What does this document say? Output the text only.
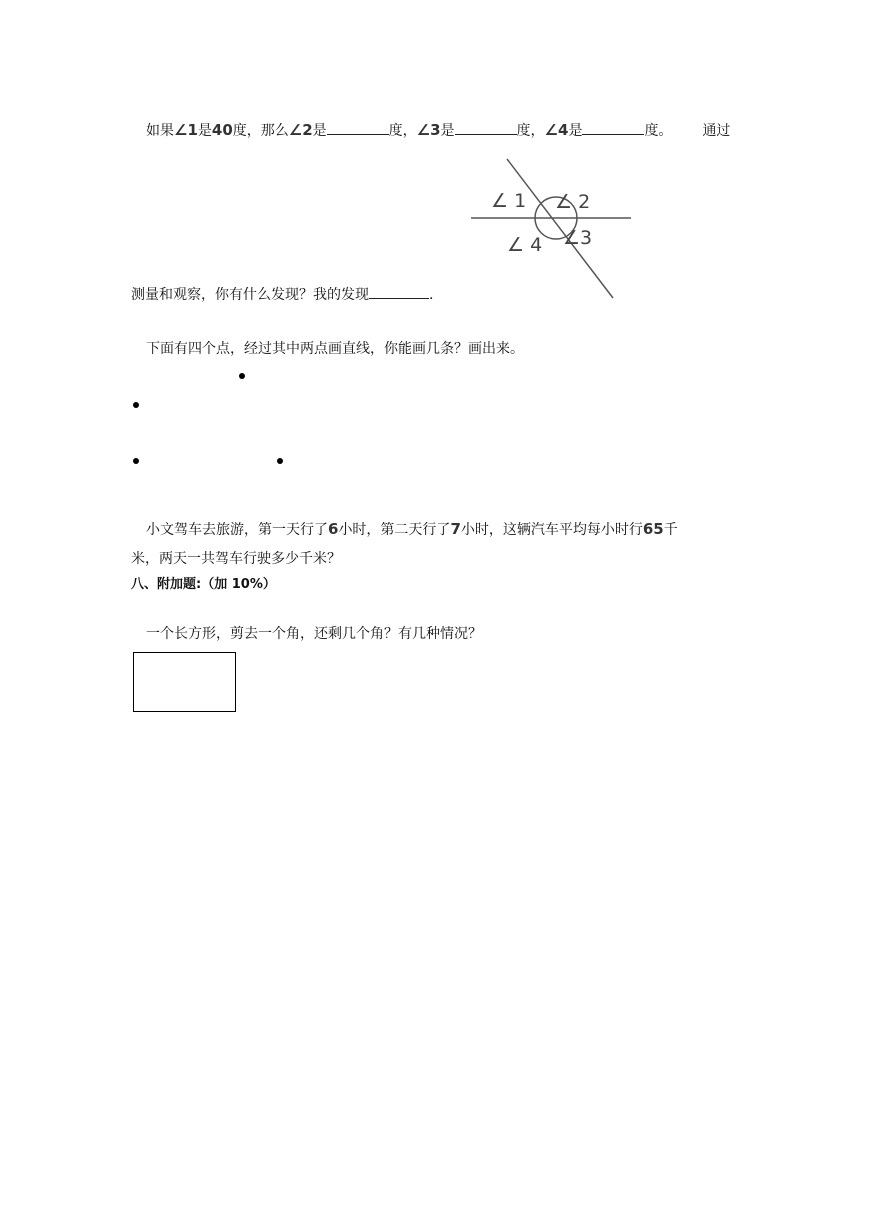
如果∠1是40度，那么∠2是	度，∠3是	度，∠4是	度。 通过
∠ 1 ∠ 2
∠3
∠ 4
测量和观察，你有什么发现？我的发现	.
下面有四个点，经过其中两点画直线，你能画几条？画出来。
小文驾车去旅游，第一天行了6小时，第二天行了7小时，这辆汽车平均每小时行65千
米，两天一共驾车行驶多少千米？
八、附加题:（加 10%）
一个长方形，剪去一个角，还剩几个角？有几种情况？
